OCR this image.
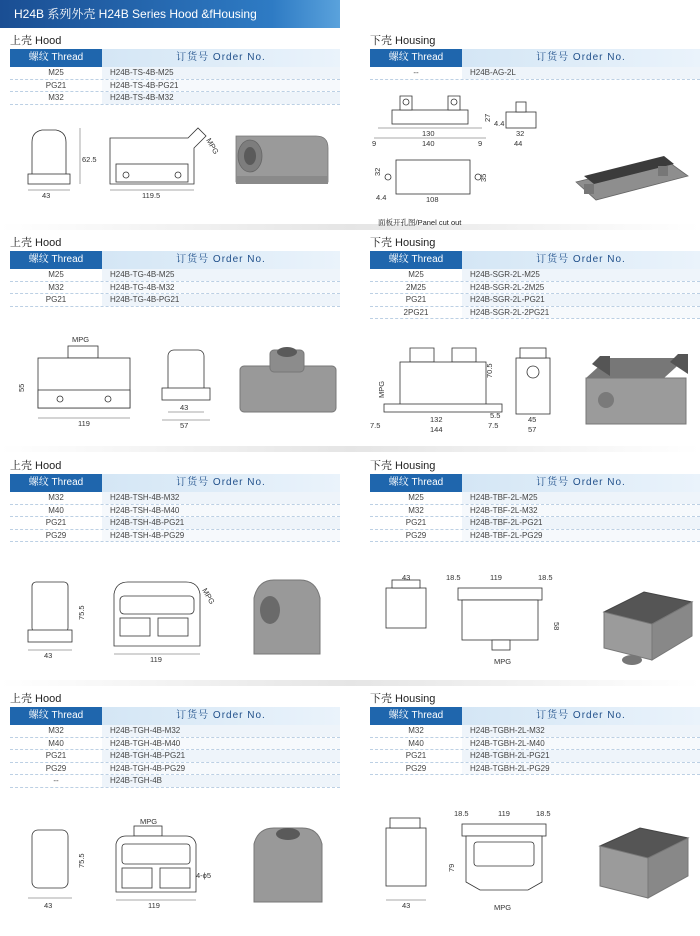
H24B 系列外壳 H24B Series Hood &fHousing
上壳 Hood
螺纹 Thread	订货号 Order No.
M25	H24B-TS-4B-M25
PG21	H24B-TS-4B-PG21
M32	H24B-TS-4B-M32
下壳 Housing
螺纹 Thread	订货号 Order No.
--	H24B-AG-2L
上壳 Hood
螺纹 Thread	订货号 Order No.
M25	H24B-TG-4B-M25
M32	H24B-TG-4B-M32
PG21	H24B-TG-4B-PG21
下壳 Housing
螺纹 Thread	订货号 Order No.
M25	H24B-SGR-2L-M25
2M25	H24B-SGR-2L-2M25
PG21	H24B-SGR-2L-PG21
2PG21	H24B-SGR-2L-2PG21
上壳 Hood
螺纹 Thread	订货号 Order No.
M32	H24B-TSH-4B-M32
M40	H24B-TSH-4B-M40
PG21	H24B-TSH-4B-PG21
PG29	H24B-TSH-4B-PG29
下壳 Housing
螺纹 Thread	订货号 Order No.
M25	H24B-TBF-2L-M25
M32	H24B-TBF-2L-M32
PG21	H24B-TBF-2L-PG21
PG29	H24B-TBF-2L-PG29
上壳 Hood
螺纹 Thread	订货号 Order No.
M32	H24B-TGH-4B-M32
M40	H24B-TGH-4B-M40
PG21	H24B-TGH-4B-PG21
PG29	H24B-TGH-4B-PG29
--	H24B-TGH-4B
下壳 Housing
螺纹 Thread	订货号 Order No.
M32	H24B-TGBH-2L-M32
M40	H24B-TGBH-2L-M40
PG21	H24B-TGBH-2L-PG21
PG29	H24B-TGBH-2L-PG29
62.5
43	119.5
MPG
130
140
9	9
27
4.4
32
44
32
4.4	108
35
面板开孔图/Panel cut out
MPG
55
119
43
57
MPG
70.5
132
144
7.5
5.5
7.5
45
57
75.5
43	119
MPG
43	18.5	119	18.5
MPG
58
75.5
43
MPG
119
4-ϕ5
43
18.5	119	18.5
79
MPG
